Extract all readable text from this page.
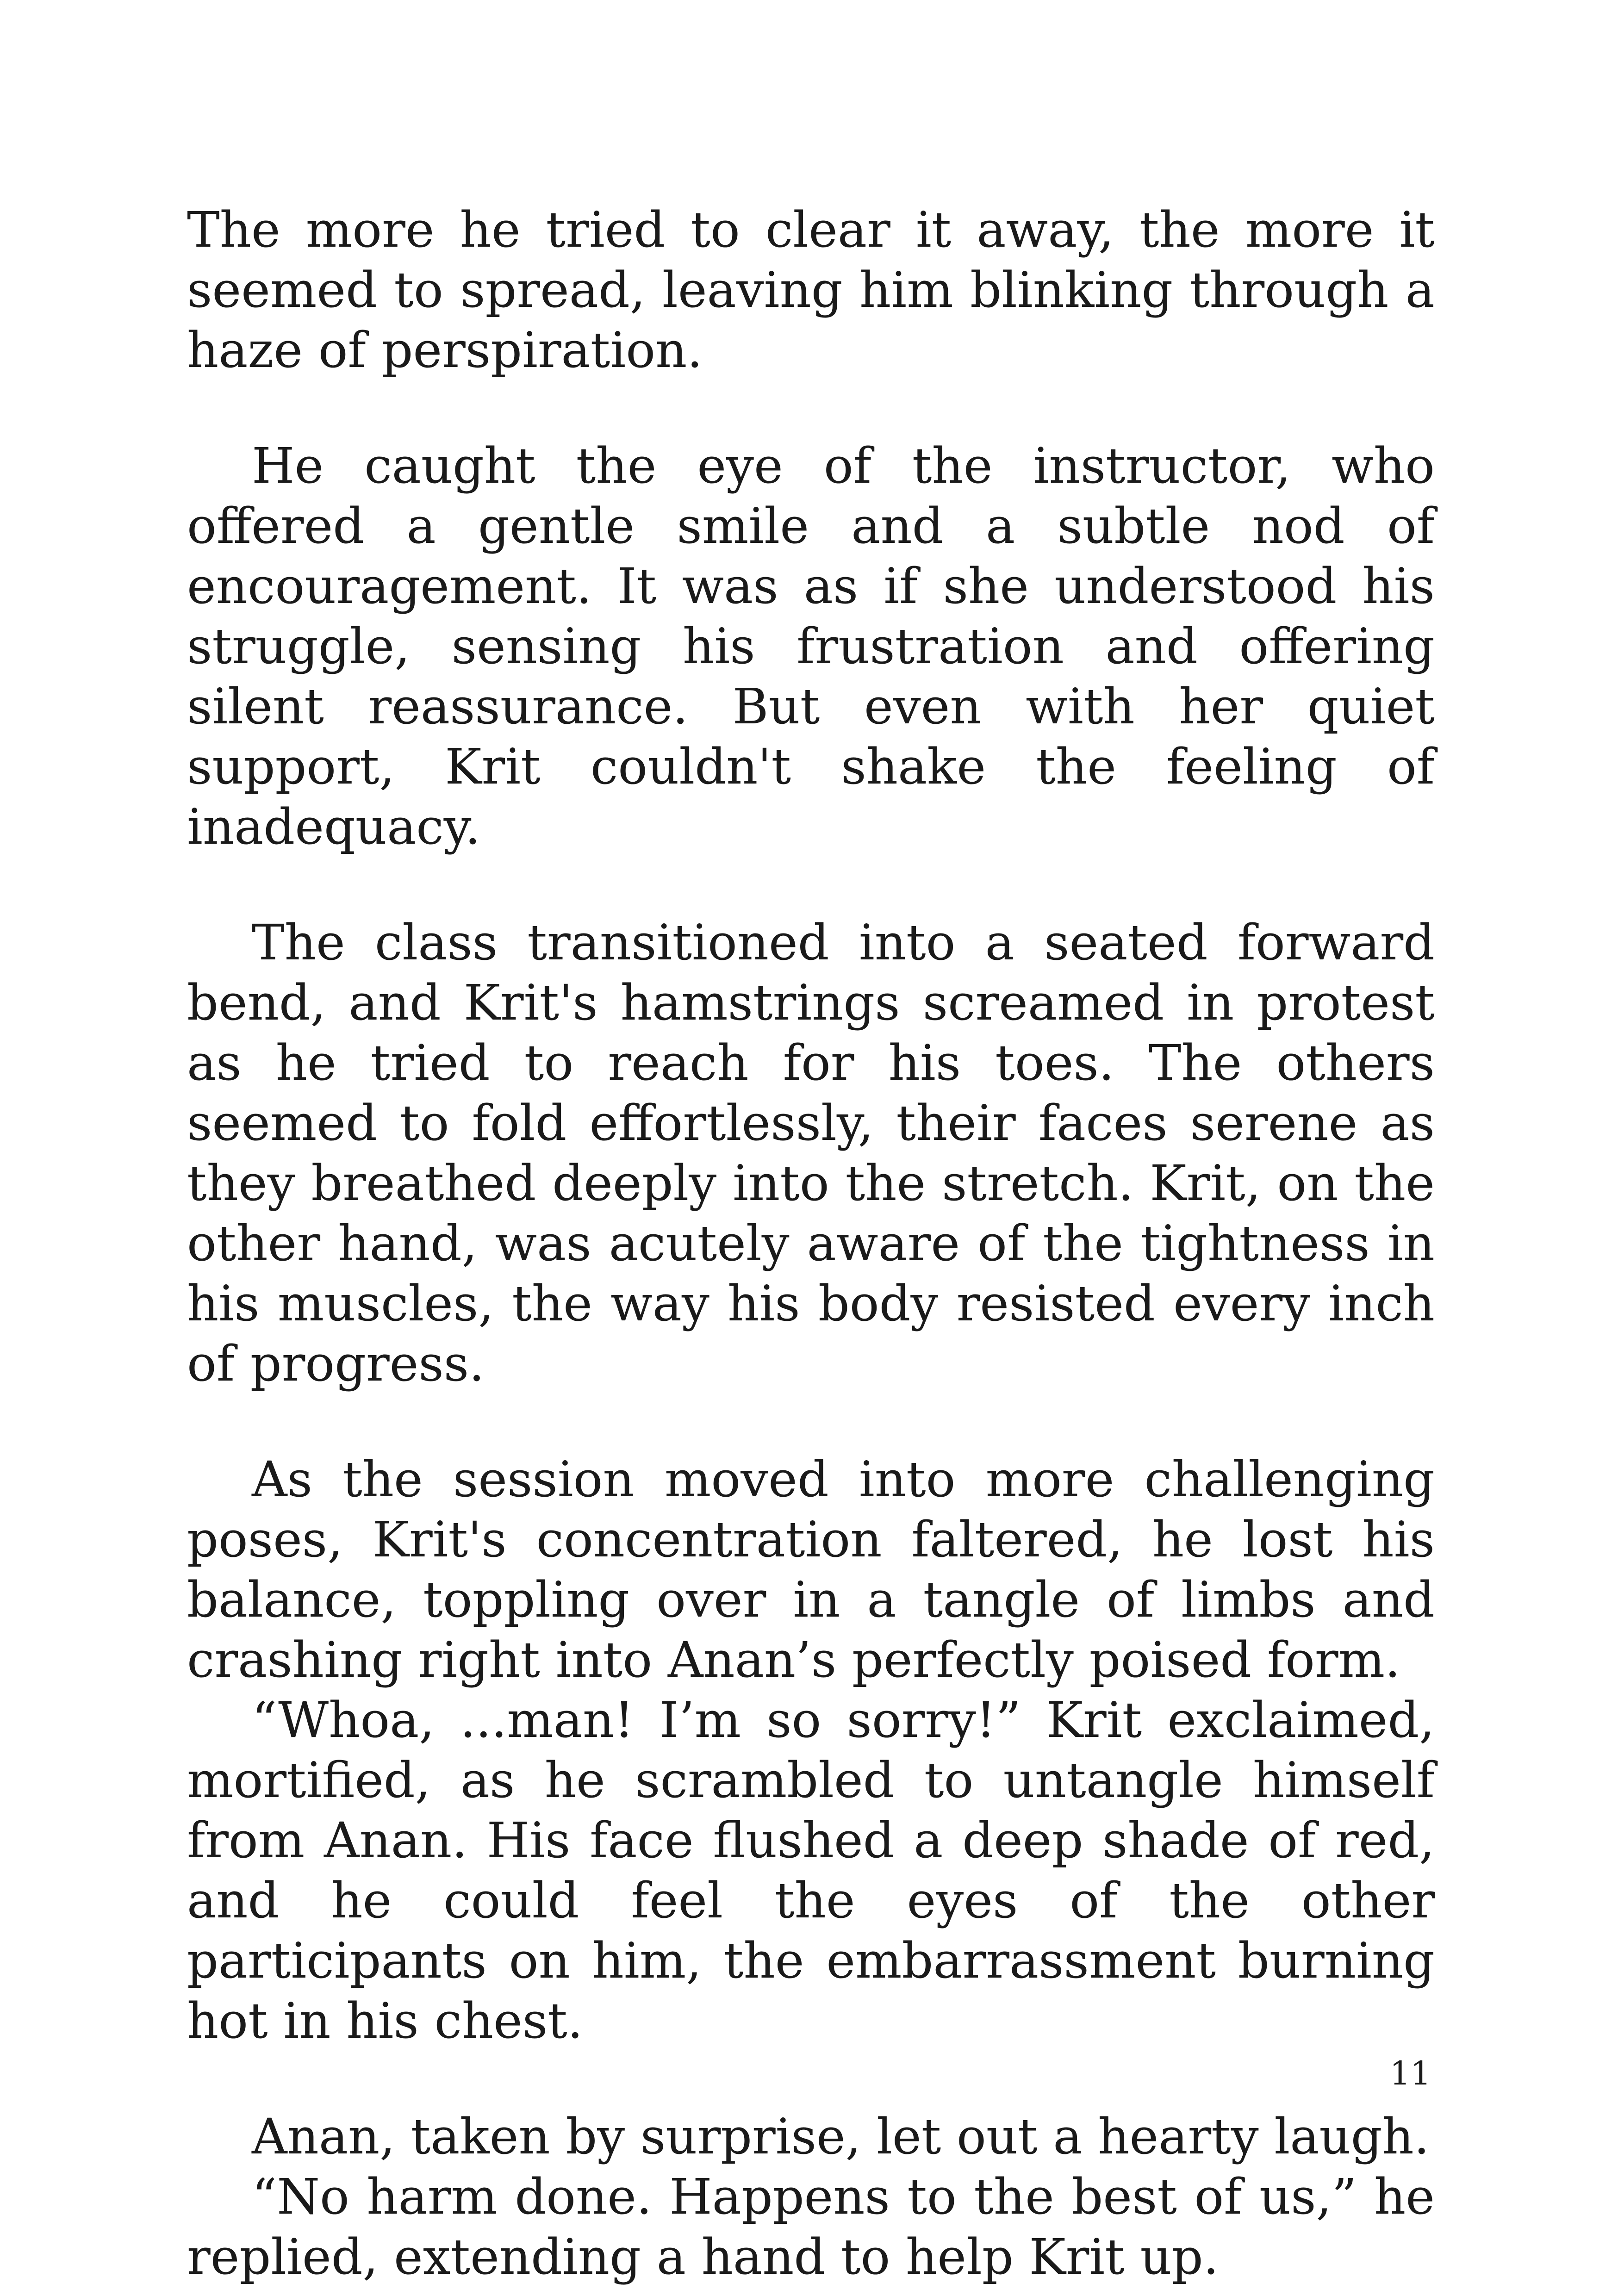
The more he tried to clear it away, the more it seemed to spread, leaving him blinking through a haze of perspiration.

He caught the eye of the instructor, who offered a gentle smile and a subtle nod of encouragement. It was as if she understood his struggle, sensing his frustration and offering silent reassurance. But even with her quiet support, Krit couldn't shake the feeling of inadequacy.

The class transitioned into a seated forward bend, and Krit's hamstrings screamed in protest as he tried to reach for his toes. The others seemed to fold effortlessly, their faces serene as they breathed deeply into the stretch. Krit, on the other hand, was acutely aware of the tightness in his muscles, the way his body resisted every inch of progress.

As the session moved into more challenging poses, Krit's concentration faltered, he lost his balance, toppling over in a tangle of limbs and crashing right into Anan’s perfectly poised form.

“Whoa, ...man! I’m so sorry!” Krit exclaimed, mortified, as he scrambled to untangle himself from Anan. His face flushed a deep shade of red, and he could feel the eyes of the other participants on him, the embarrassment burning hot in his chest.

Anan, taken by surprise, let out a hearty laugh.

“No harm done. Happens to the best of us,” he replied, extending a hand to help Krit up.

11
